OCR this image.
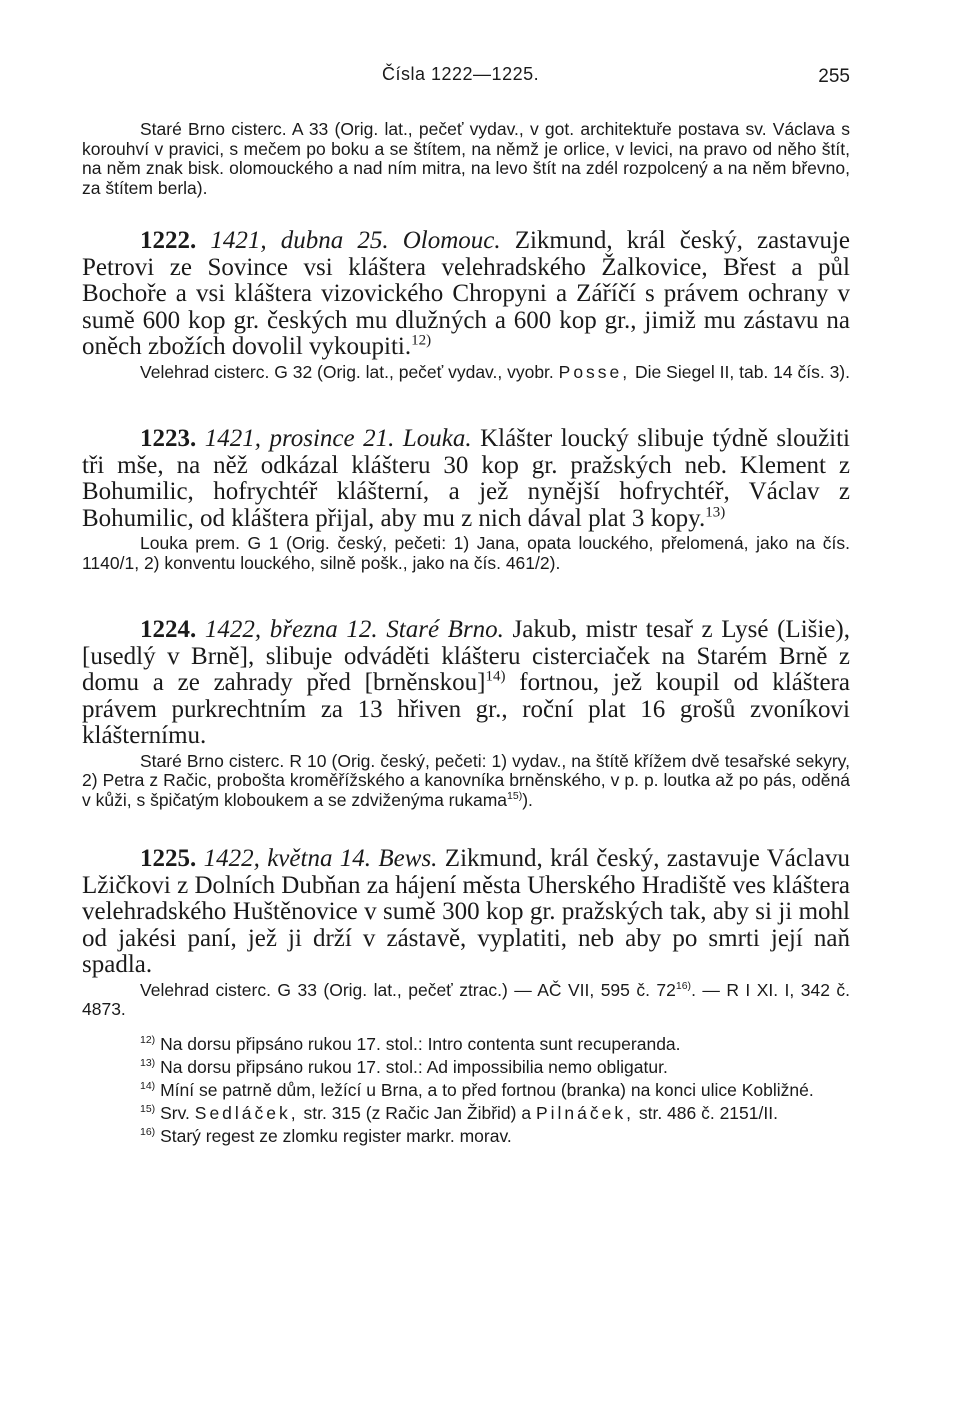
Čísla 1222—1225.	255

Staré Brno cisterc. A 33 (Orig. lat., pečeť vydav., v got. architektuře postava sv. Václava s korouhví v pravici, s mečem po boku a se štítem, na němž je orlice, v levici, na pravo od něho štít, na něm znak bisk. olomouckého a nad ním mitra, na levo štít na zdél rozpolcený a na něm břevno, za štítem berla).

1222. 1421, dubna 25. Olomouc. Zikmund, král český, zastavuje Petrovi ze Sovince vsi kláštera velehradského Žalkovice, Břest a půl Bochoře a vsi kláštera vizovického Chropyni a Záříčí s právem ochrany v sumě 600 kop gr. českých mu dlužných a 600 kop gr., jimiž mu zástavu na oněch zbožích dovolil vykoupiti.$^{12)}$

Velehrad cisterc. G 32 (Orig. lat., pečeť vydav., vyobr. Posse, Die Siegel II, tab. 14 čís. 3).

1223. 1421, prosince 21. Louka. Klášter loucký slibuje týdně sloužiti tři mše, na něž odkázal klášteru 30 kop gr. pražských neb. Klement z Bohumilic, hofrychtéř klášterní, a jež nynější hofrychtéř, Václav z Bohumilic, od kláštera přijal, aby mu z nich dával plat 3 kopy.$^{13)}$

Louka prem. G 1 (Orig. český, pečeti: 1) Jana, opata louckého, přelomená, jako na čís. 1140/1, 2) konventu louckého, silně pošk., jako na čís. 461/2).

1224. 1422, března 12. Staré Brno. Jakub, mistr tesař z Lysé (Lišie), [usedlý v Brně], slibuje odváděti klášteru cisterciaček na Starém Brně z domu a ze zahrady před [brněnskou]$^{14)}$ fortnou, jež koupil od kláštera právem purkrechtním za 13 hřiven gr., roční plat 16 grošů zvoníkovi klášternímu.

Staré Brno cisterc. R 10 (Orig. český, pečeti: 1) vydav., na štítě křížem dvě tesařské sekyry, 2) Petra z Račic, probošta kroměřížského a kanovníka brněnského, v p. p. loutka až po pás, oděná v kůži, s špičatým kloboukem a se zdviženýma rukama$^{15)}$).

1225. 1422, května 14. Bews. Zikmund, král český, zastavuje Václavu Lžičkovi z Dolních Dubňan za hájení města Uherského Hradiště ves kláštera velehradského Huštěnovice v sumě 300 kop gr. pražských tak, aby si ji mohl od jakési paní, jež ji drží v zástavě, vyplatiti, neb aby po smrti její naň spadla.

Velehrad cisterc. G 33 (Orig. lat., pečeť ztrac.) — AČ VII, 595 č. 72$^{16)}$. — R I XI. I, 342 č. 4873.

$^{12)}$ Na dorsu připsáno rukou 17. stol.: Intro contenta sunt recuperanda.

$^{13)}$ Na dorsu připsáno rukou 17. stol.: Ad impossibilia nemo obligatur.

$^{14)}$ Míní se patrně dům, ležící u Brna, a to před fortnou (branka) na konci ulice Kobližné.

$^{15)}$ Srv. Sedláček, str. 315 (z Račic Jan Žibřid) a Pilnáček, str. 486 č. 2151/II.

$^{16)}$ Starý regest ze zlomku register markr. morav.
